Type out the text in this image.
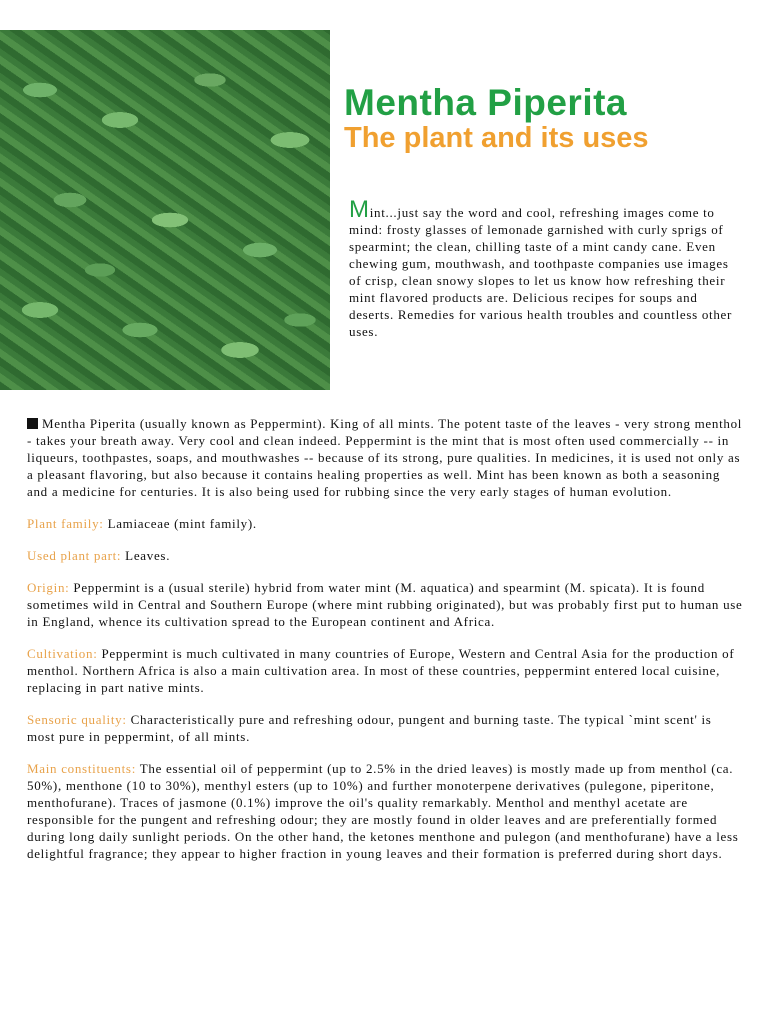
Mentha Piperita
The plant and its uses

Mint...just say the word and cool, refreshing images come to mind: frosty glasses of lemonade garnished with curly sprigs of spearmint; the clean, chilling taste of a mint candy cane. Even chewing gum, mouthwash, and toothpaste companies use images of crisp, clean snowy slopes to let us know how refreshing their mint flavored products are. Delicious recipes for soups and deserts. Remedies for various health troubles and countless other uses.

Mentha Piperita (usually known as Peppermint). King of all mints. The potent taste of the leaves - very strong menthol - takes your breath away. Very cool and clean indeed. Peppermint is the mint that is most often used commercially -- in liqueurs, toothpastes, soaps, and mouthwashes -- because of its strong, pure qualities. In medicines, it is used not only as a pleasant flavoring, but also because it contains healing properties as well. Mint has been known as both a seasoning and a medicine for centuries. It is also being used for rubbing since the very early stages of human evolution.

Plant family: Lamiaceae (mint family).

Used plant part: Leaves.

Origin: Peppermint is a (usual sterile) hybrid from water mint (M. aquatica) and spearmint (M. spicata). It is found sometimes wild in Central and Southern Europe (where mint rubbing originated), but was probably first put to human use in England, whence its cultivation spread to the European continent and Africa.

Cultivation: Peppermint is much cultivated in many countries of Europe, Western and Central Asia for the production of menthol. Northern Africa is also a main cultivation area. In most of these countries, peppermint entered local cuisine, replacing in part native mints.

Sensoric quality: Characteristically pure and refreshing odour, pungent and burning taste. The typical `mint scent' is most pure in peppermint, of all mints.

Main constituents: The essential oil of peppermint (up to 2.5% in the dried leaves) is mostly made up from menthol (ca. 50%), menthone (10 to 30%), menthyl esters (up to 10%) and further monoterpene derivatives (pulegone, piperitone, menthofurane). Traces of jasmone (0.1%) improve the oil's quality remarkably. Menthol and menthyl acetate are responsible for the pungent and refreshing odour; they are mostly found in older leaves and are preferentially formed during long daily sunlight periods. On the other hand, the ketones menthone and pulegon (and menthofurane) have a less delightful fragrance; they appear to higher fraction in young leaves and their formation is preferred during short days.
